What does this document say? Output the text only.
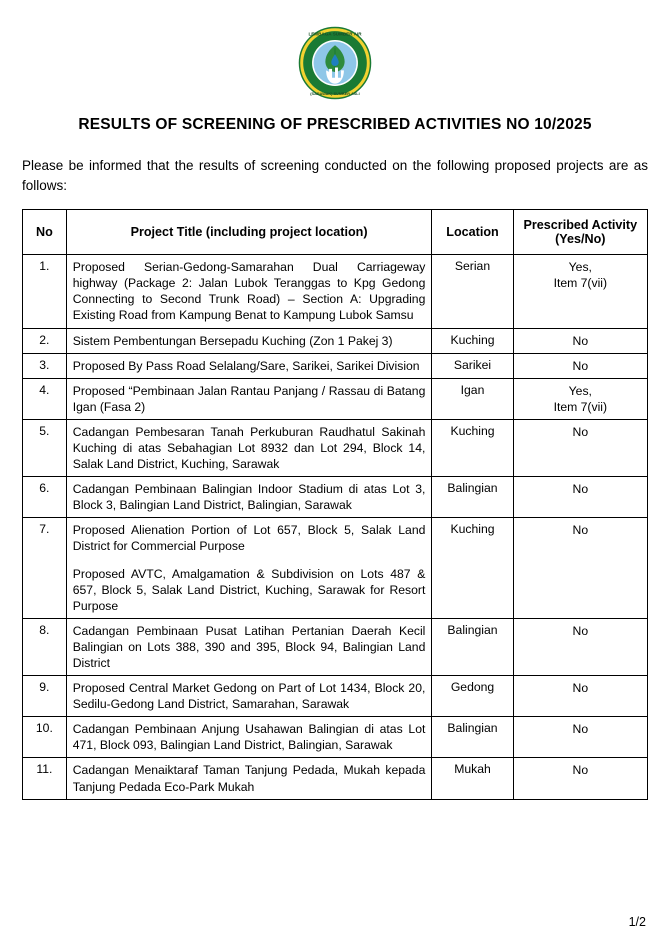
LEMBAGA SUMBER AIR
(SARAWAK) SUMBER ASLI
RESULTS OF SCREENING OF PRESCRIBED ACTIVITIES NO 10/2025

Please be informed that the results of screening conducted on the following proposed projects are as follows:

No	Project Title (including project location)	Location	Prescribed Activity (Yes/No)
1.	Proposed Serian-Gedong-Samarahan Dual Carriageway highway (Package 2: Jalan Lubok Teranggas to Kpg Gedong Connecting to Second Trunk Road) – Section A: Upgrading Existing Road from Kampung Benat to Kampung Lubok Samsu	Serian	Yes,
Item 7(vii)

2.	Sistem Pembentungan Bersepadu Kuching (Zon 1 Pakej 3)	Kuching	No
3.	Proposed By Pass Road Selalang/Sare, Sarikei, Sarikei Division	Sarikei	No
4.	Proposed “Pembinaan Jalan Rantau Panjang / Rassau di Batang Igan (Fasa 2)	Igan	Yes,
Item 7(vii)

5.	Cadangan Pembesaran Tanah Perkuburan Raudhatul Sakinah Kuching di atas Sebahagian Lot 8932 dan Lot 294, Block 14, Salak Land District, Kuching, Sarawak	Kuching	No
6.	Cadangan Pembinaan Balingian Indoor Stadium di atas Lot 3, Block 3, Balingian Land District, Balingian, Sarawak	Balingian	No
7.	Proposed Alienation Portion of Lot 657, Block 5, Salak Land District for Commercial Purpose

Proposed AVTC, Amalgamation & Subdivision on Lots 487 & 657, Block 5, Salak Land District, Kuching, Sarawak for Resort Purpose	Kuching	No
8.	Cadangan Pembinaan Pusat Latihan Pertanian Daerah Kecil Balingian on Lots 388, 390 and 395, Block 94, Balingian Land District	Balingian	No
9.	Proposed Central Market Gedong on Part of Lot 1434, Block 20, Sedilu-Gedong Land District, Samarahan, Sarawak	Gedong	No
10.	Cadangan Pembinaan Anjung Usahawan Balingian di atas Lot 471, Block 093, Balingian Land District, Balingian, Sarawak	Balingian	No
11.	Cadangan Menaiktaraf Taman Tanjung Pedada, Mukah kepada Tanjung Pedada Eco-Park Mukah	Mukah	No
1/2
